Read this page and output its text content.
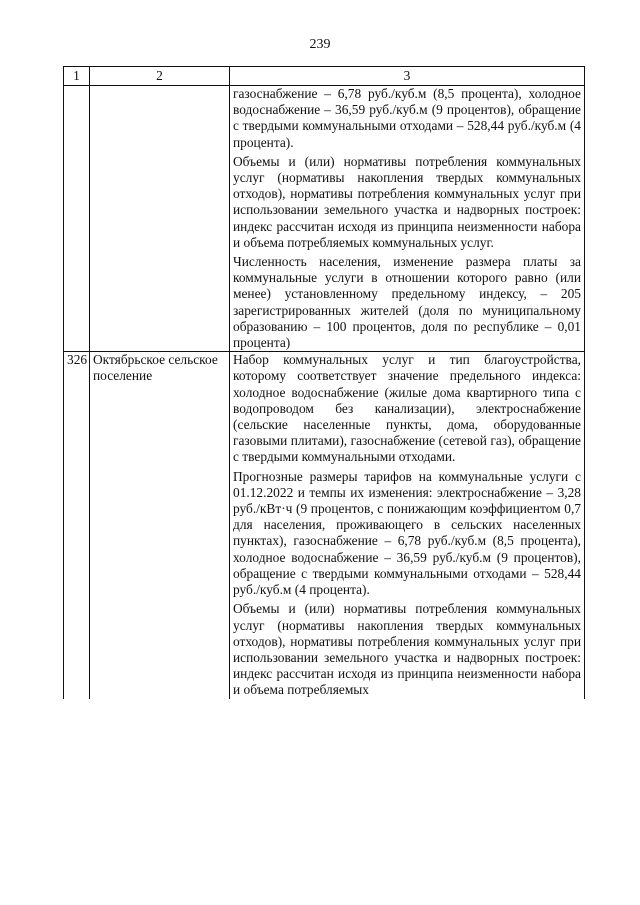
239
1	2	3

		газоснабжение – 6,78 руб./куб.м (8,5 процента), холодное водоснабжение – 36,59 руб./куб.м (9 процентов), обращение с твердыми коммунальными отходами – 528,44 руб./куб.м (4 процента).

Объемы и (или) нормативы потребления коммунальных услуг (нормативы накопления твердых коммунальных отходов), нормативы потребления коммунальных услуг при использовании земельного участка и надворных построек: индекс рассчитан исходя из принципа неизменности набора и объема потребляемых коммунальных услуг.

Численность населения, изменение размера платы за коммунальные услуги в отношении которого равно (или менее) установленному предельному индексу, – 205 зарегистрированных жителей (доля по муниципальному образованию – 100 процентов, доля по республике – 0,01 процента)

326	Октябрьское сельское поселение	Набор коммунальных услуг и тип благоустройства, которому соответствует значение предельного индекса: холодное водоснабжение (жилые дома квартирного типа с водопроводом без канализации), электроснабжение (сельские населенные пункты, дома, оборудованные газовыми плитами), газоснабжение (сетевой газ), обращение с твердыми коммунальными отходами.

Прогнозные размеры тарифов на коммунальные услуги с 01.12.2022 и темпы их изменения: электроснабжение – 3,28 руб./кВт·ч (9 процентов, с понижающим коэффициентом 0,7 для населения, проживающего в сельских населенных пунктах), газоснабжение – 6,78 руб./куб.м (8,5 процента), холодное водоснабжение – 36,59 руб./куб.м (9 процентов), обращение с твердыми коммунальными отходами – 528,44 руб./куб.м (4 процента).

Объемы и (или) нормативы потребления коммунальных услуг (нормативы накопления твердых коммунальных отходов), нормативы потребления коммунальных услуг при использовании земельного участка и надворных построек: индекс рассчитан исходя из принципа неизменности набора и объема потребляемых
